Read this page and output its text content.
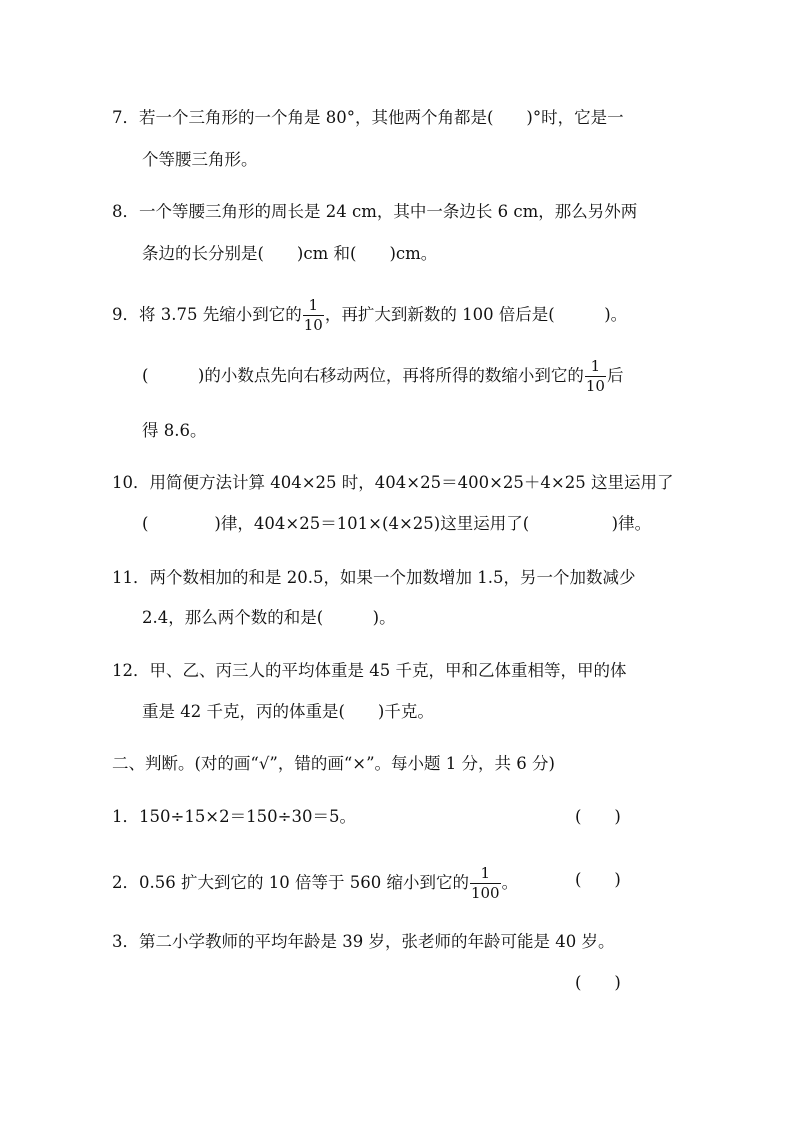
7．若一个三角形的一个角是 80°，其他两个角都是(　　)°时，它是一
个等腰三角形。
8．一个等腰三角形的周长是 24 cm，其中一条边长 6 cm，那么另外两
条边的长分别是(　　)cm 和(　　)cm。
9．将 3.75 先缩小到它的 $\frac{1}{10}$ ，再扩大到新数的 100 倍后是(　　　)。
(　　　)的小数点先向右移动两位，再将所得的数缩小到它的 $\frac{1}{10}$ 后
得 8.6。
10．用简便方法计算 404×25 时，404×25＝400×25＋4×25 这里运用了
(　　　　)律，404×25＝101×(4×25)这里运用了(　　　　　)律。
11．两个数相加的和是 20.5，如果一个加数增加 1.5，另一个加数减少
2.4，那么两个数的和是(　　　)。
12．甲、乙、丙三人的平均体重是 45 千克，甲和乙体重相等，甲的体
重是 42 千克，丙的体重是(　　)千克。
二、判断。(对的画“√”，错的画“×”。每小题 1 分，共 6 分)
1．150÷15×2＝150÷30＝5。	(　　)
2．0.56 扩大到它的 10 倍等于 560 缩小到它的 $\frac{1}{100}$ 。	(　　)
3．第二小学教师的平均年龄是 39 岁，张老师的年龄可能是 40 岁。
(　　)
